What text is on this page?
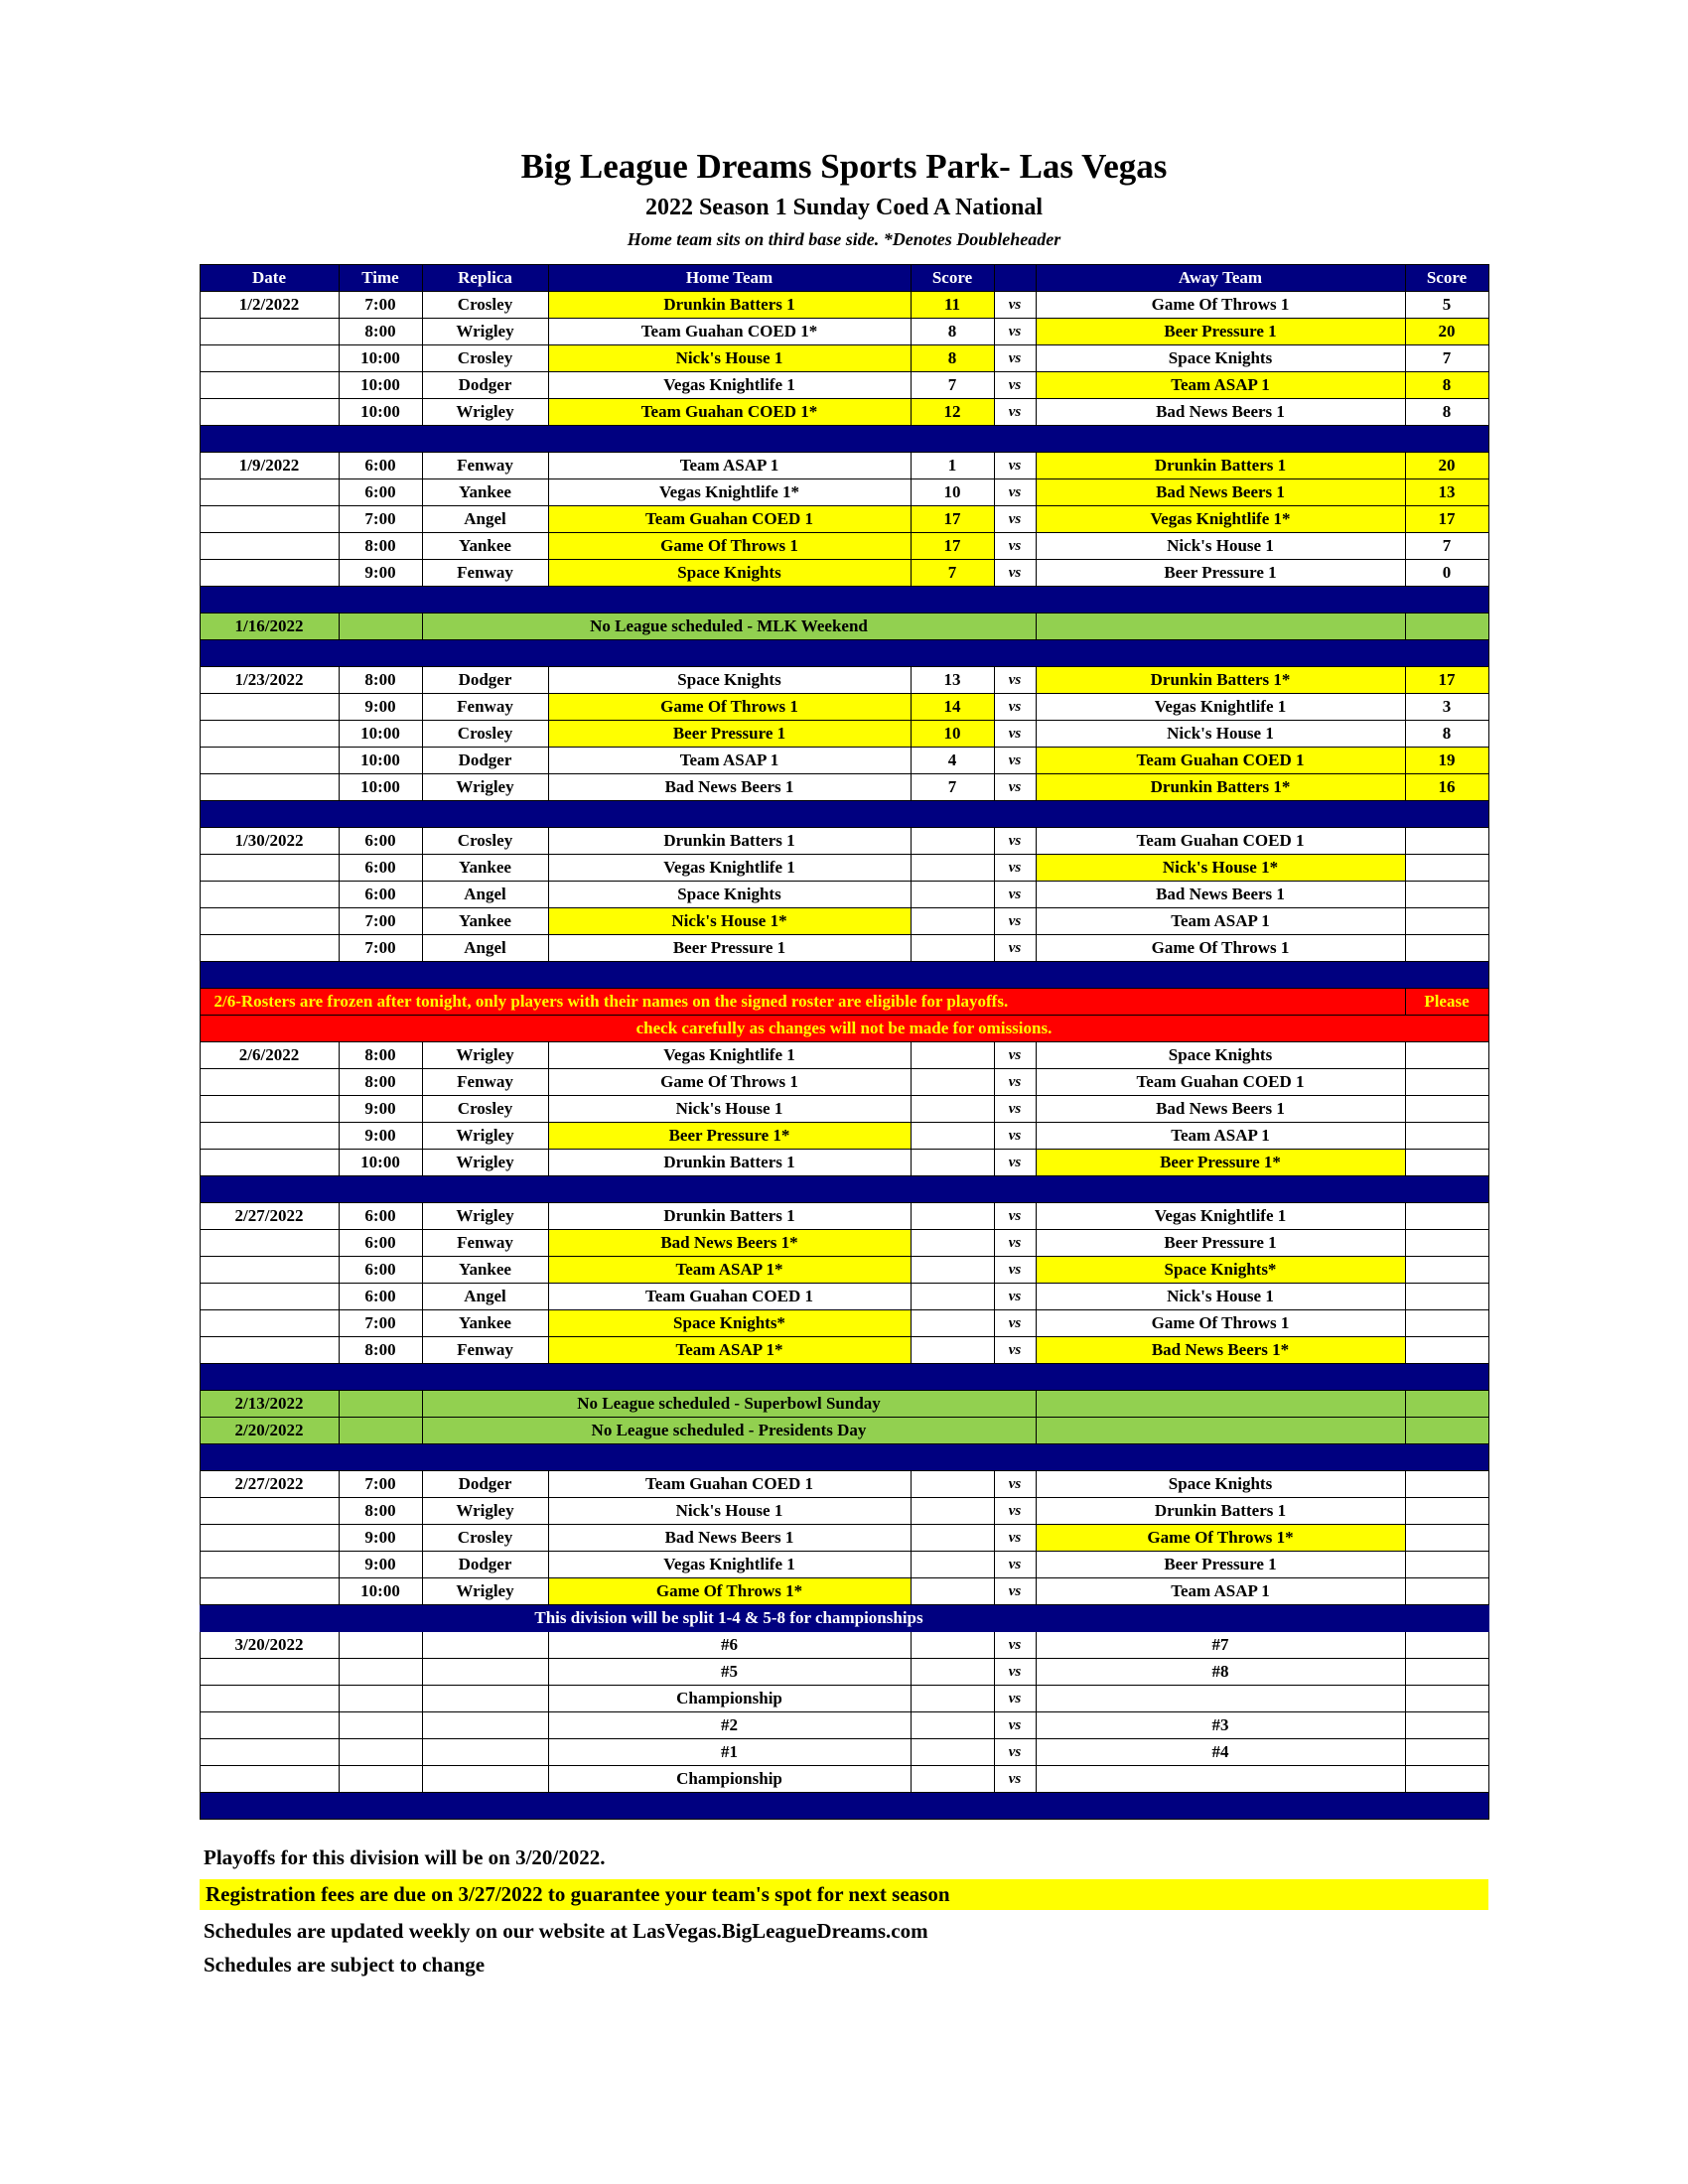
Big League Dreams Sports Park- Las Vegas
2022 Season 1 Sunday Coed A National
Home team sits on third base side. *Denotes Doubleheader
Date	Time	Replica	Home Team	Score		Away Team	Score
1/2/2022	7:00	Crosley	Drunkin Batters 1	11	vs	Game Of Throws 1	5
	8:00	Wrigley	Team Guahan COED 1*	8	vs	Beer Pressure 1	20
	10:00	Crosley	Nick's House 1	8	vs	Space Knights	7
	10:00	Dodger	Vegas Knightlife 1	7	vs	Team ASAP 1	8
	10:00	Wrigley	Team Guahan COED 1*	12	vs	Bad News Beers 1	8

1/9/2022	6:00	Fenway	Team ASAP 1	1	vs	Drunkin Batters 1	20
	6:00	Yankee	Vegas Knightlife 1*	10	vs	Bad News Beers 1	13
	7:00	Angel	Team Guahan COED 1	17	vs	Vegas Knightlife 1*	17
	8:00	Yankee	Game Of Throws 1	17	vs	Nick's House 1	7
	9:00	Fenway	Space Knights	7	vs	Beer Pressure 1	0

1/16/2022		No League scheduled - MLK Weekend					

1/23/2022	8:00	Dodger	Space Knights	13	vs	Drunkin Batters 1*	17
	9:00	Fenway	Game Of Throws 1	14	vs	Vegas Knightlife 1	3
	10:00	Crosley	Beer Pressure 1	10	vs	Nick's House 1	8
	10:00	Dodger	Team ASAP 1	4	vs	Team Guahan COED 1	19
	10:00	Wrigley	Bad News Beers 1	7	vs	Drunkin Batters 1*	16

1/30/2022	6:00	Crosley	Drunkin Batters 1		vs	Team Guahan COED 1	
	6:00	Yankee	Vegas Knightlife 1		vs	Nick's House 1*	
	6:00	Angel	Space Knights		vs	Bad News Beers 1	
	7:00	Yankee	Nick's House 1*		vs	Team ASAP 1	
	7:00	Angel	Beer Pressure 1		vs	Game Of Throws 1	

2/6-Rosters are frozen after tonight, only players with their names on the signed roster are eligible for playoffs.							Please
check carefully as changes will not be made for omissions.							
2/6/2022	8:00	Wrigley	Vegas Knightlife 1		vs	Space Knights	
	8:00	Fenway	Game Of Throws 1		vs	Team Guahan COED 1	
	9:00	Crosley	Nick's House 1		vs	Bad News Beers 1	
	9:00	Wrigley	Beer Pressure 1*		vs	Team ASAP 1	
	10:00	Wrigley	Drunkin Batters 1		vs	Beer Pressure 1*	

2/27/2022	6:00	Wrigley	Drunkin Batters 1		vs	Vegas Knightlife 1	
	6:00	Fenway	Bad News Beers 1*		vs	Beer Pressure 1	
	6:00	Yankee	Team ASAP 1*		vs	Space Knights*	
	6:00	Angel	Team Guahan COED 1		vs	Nick's House 1	
	7:00	Yankee	Space Knights*		vs	Game Of Throws 1	
	8:00	Fenway	Team ASAP 1*		vs	Bad News Beers 1*	

2/13/2022		No League scheduled - Superbowl Sunday					
2/20/2022		No League scheduled - Presidents Day					

2/27/2022	7:00	Dodger	Team Guahan COED 1		vs	Space Knights	
	8:00	Wrigley	Nick's House 1		vs	Drunkin Batters 1	
	9:00	Crosley	Bad News Beers 1		vs	Game Of Throws 1*	
	9:00	Dodger	Vegas Knightlife 1		vs	Beer Pressure 1	
	10:00	Wrigley	Game Of Throws 1*		vs	Team ASAP 1	
		This division will be split 1-4 & 5-8 for championships					
3/20/2022			#6		vs	#7	
			#5		vs	#8	
			Championship		vs		
			#2		vs	#3	
			#1		vs	#4	
			Championship		vs		

Playoffs for this division will be on 3/20/2022.
Registration fees are due on 3/27/2022 to guarantee your team's spot for next season
Schedules are updated weekly on our website at LasVegas.BigLeagueDreams.com
Schedules are subject to change
